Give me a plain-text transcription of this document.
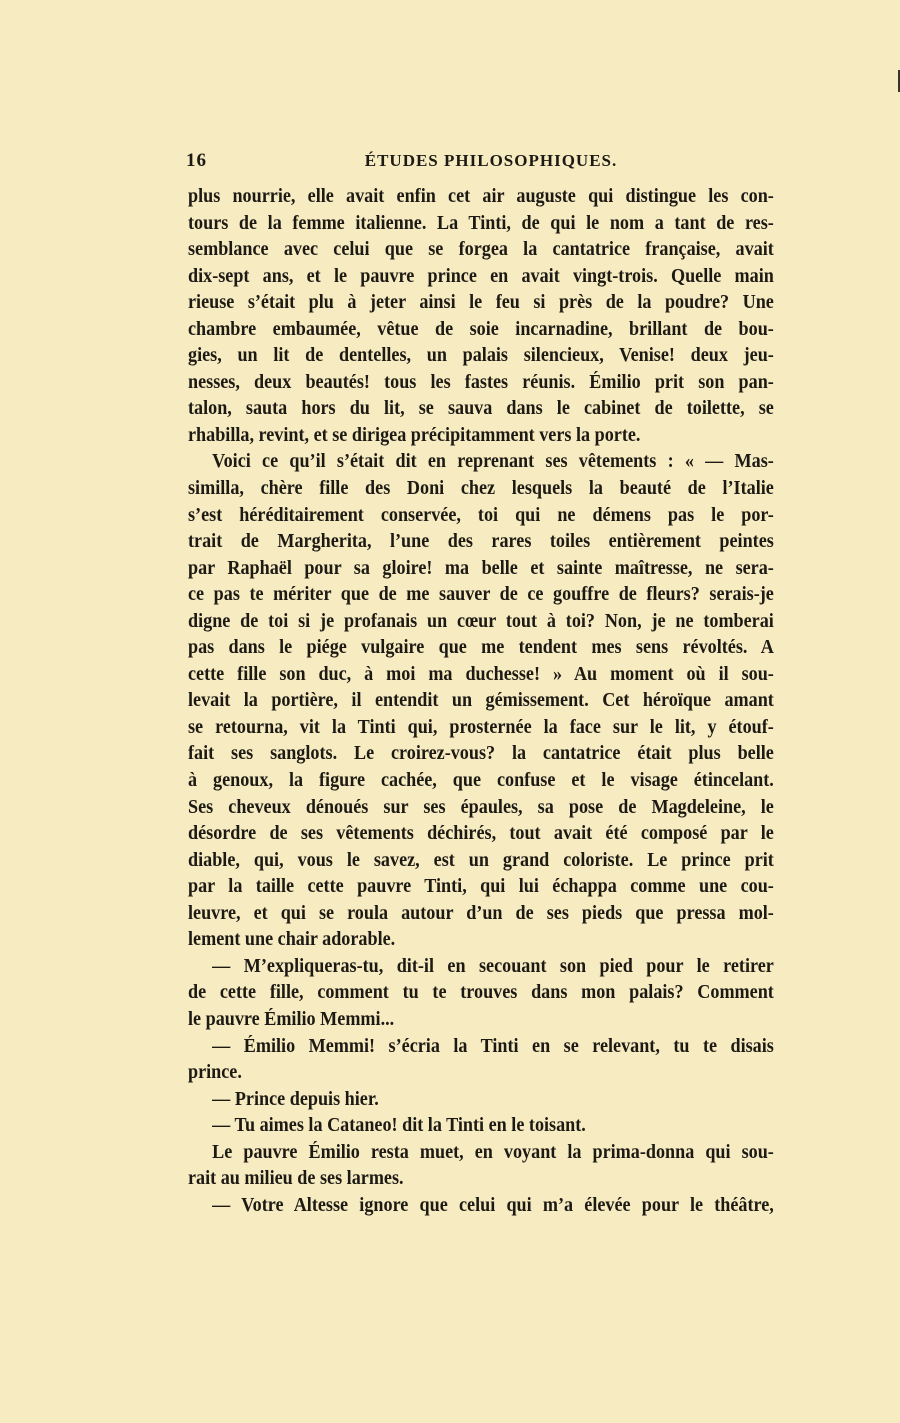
16	ÉTUDES PHILOSOPHIQUES.
plus nourrie, elle avait enfin cet air auguste qui distingue les con-
tours de la femme italienne. La Tinti, de qui le nom a tant de res-
semblance avec celui que se forgea la cantatrice française, avait
dix-sept ans, et le pauvre prince en avait vingt-trois. Quelle main
rieuse s’était plu à jeter ainsi le feu si près de la poudre? Une
chambre embaumée, vêtue de soie incarnadine, brillant de bou-
gies, un lit de dentelles, un palais silencieux, Venise! deux jeu-
nesses, deux beautés! tous les fastes réunis. Émilio prit son pan-
talon, sauta hors du lit, se sauva dans le cabinet de toilette, se
rhabilla, revint, et se dirigea précipitamment vers la porte.
Voici ce qu’il s’était dit en reprenant ses vêtements : « — Mas-
similla, chère fille des Doni chez lesquels la beauté de l’Italie
s’est héréditairement conservée, toi qui ne démens pas le por-
trait de Margherita, l’une des rares toiles entièrement peintes
par Raphaël pour sa gloire! ma belle et sainte maîtresse, ne sera-
ce pas te mériter que de me sauver de ce gouffre de fleurs? serais-je
digne de toi si je profanais un cœur tout à toi? Non, je ne tomberai
pas dans le piége vulgaire que me tendent mes sens révoltés. A
cette fille son duc, à moi ma duchesse! » Au moment où il sou-
levait la portière, il entendit un gémissement. Cet héroïque amant
se retourna, vit la Tinti qui, prosternée la face sur le lit, y étouf-
fait ses sanglots. Le croirez-vous? la cantatrice était plus belle
à genoux, la figure cachée, que confuse et le visage étincelant.
Ses cheveux dénoués sur ses épaules, sa pose de Magdeleine, le
désordre de ses vêtements déchirés, tout avait été composé par le
diable, qui, vous le savez, est un grand coloriste. Le prince prit
par la taille cette pauvre Tinti, qui lui échappa comme une cou-
leuvre, et qui se roula autour d’un de ses pieds que pressa mol-
lement une chair adorable.
— M’expliqueras-tu, dit-il en secouant son pied pour le retirer
de cette fille, comment tu te trouves dans mon palais? Comment
le pauvre Émilio Memmi...
— Émilio Memmi! s’écria la Tinti en se relevant, tu te disais
prince.
— Prince depuis hier.
— Tu aimes la Cataneo! dit la Tinti en le toisant.
Le pauvre Émilio resta muet, en voyant la prima-donna qui sou-
rait au milieu de ses larmes.
— Votre Altesse ignore que celui qui m’a élevée pour le théâtre,
